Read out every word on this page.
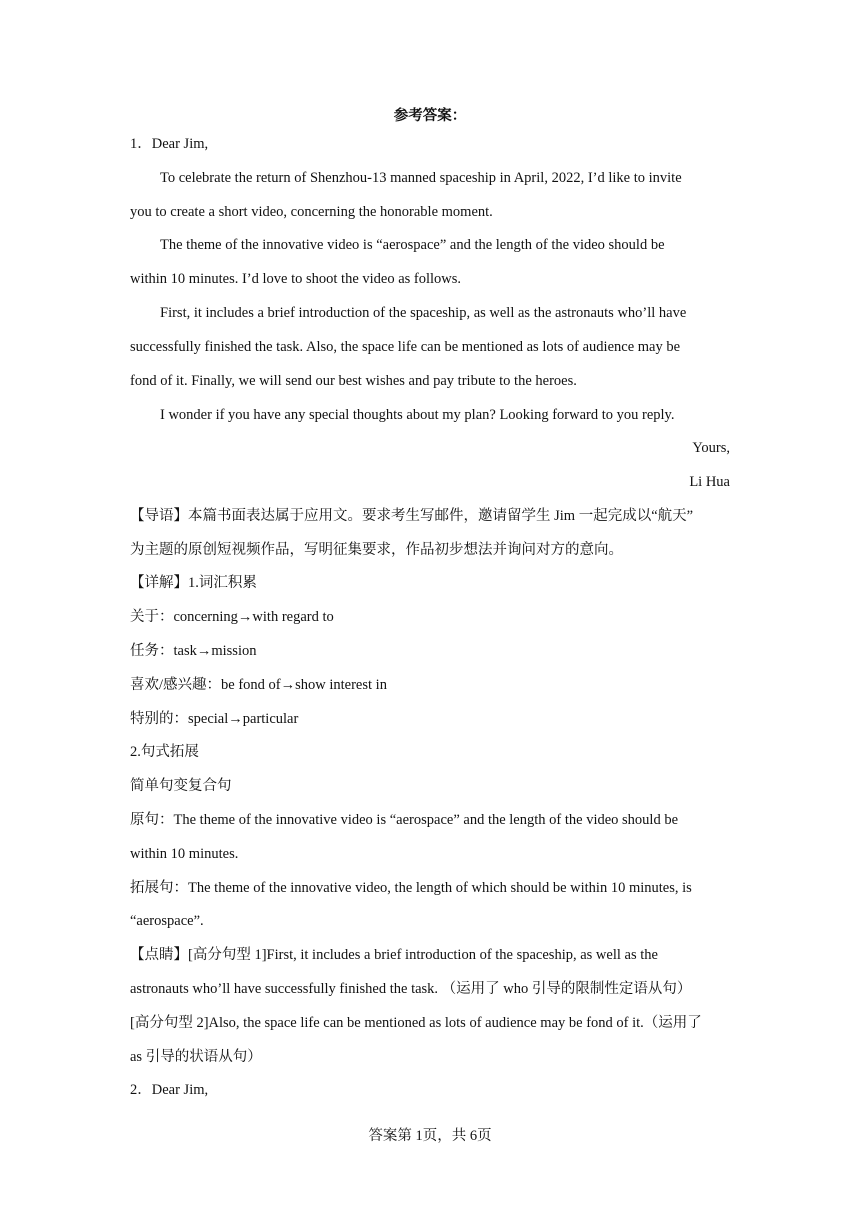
参考答案：
1．Dear Jim,
To celebrate the return of Shenzhou-13 manned spaceship in April, 2022, I’d like to invite
you to create a short video, concerning the honorable moment.
The theme of the innovative video is “aerospace” and the length of the video should be
within 10 minutes. I’d love to shoot the video as follows.
First, it includes a brief introduction of the spaceship, as well as the astronauts who’ll have
successfully finished the task. Also, the space life can be mentioned as lots of audience may be
fond of it. Finally, we will send our best wishes and pay tribute to the heroes.
I wonder if you have any special thoughts about my plan? Looking forward to you reply.
Yours,
Li Hua
【导语】本篇书面表达属于应用文。要求考生写邮件，邀请留学生 Jim 一起完成以“航天”
为主题的原创短视频作品，写明征集要求，作品初步想法并询问对方的意向。
【详解】1.词汇积累
关于：concerning→with regard to
任务：task→mission
喜欢/感兴趣：be fond of→show interest in
特别的：special→particular
2.句式拓展
简单句变复合句
原句：The theme of the innovative video is “aerospace” and the length of the video should be
within 10 minutes.
拓展句：The theme of the innovative video, the length of which should be within 10 minutes, is
“aerospace”.
【点睛】[高分句型 1]First, it includes a brief introduction of the spaceship, as well as the
astronauts who’ll have successfully finished the task. （运用了 who 引导的限制性定语从句）
[高分句型 2]Also, the space life can be mentioned as lots of audience may be fond of it.（运用了
as 引导的状语从句）
2．Dear Jim,
答案第 1页，共 6页
